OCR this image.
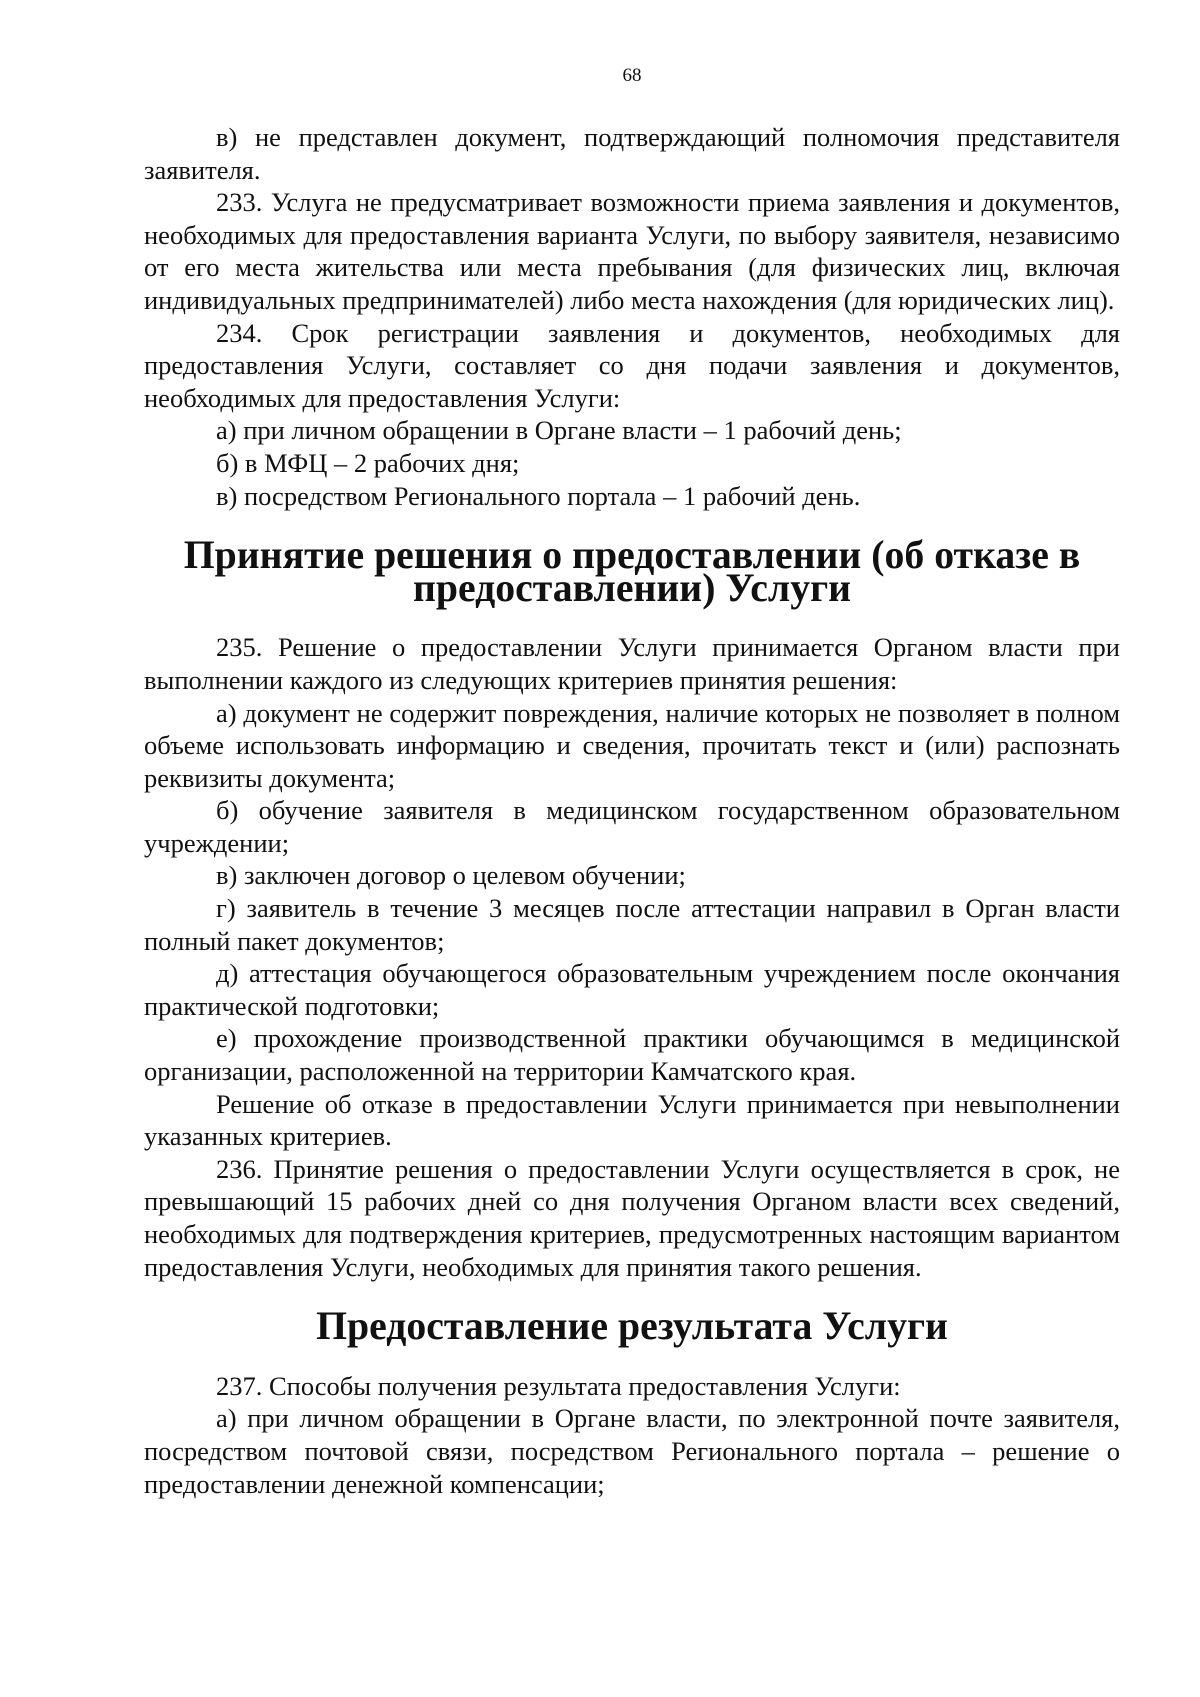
68

в) не представлен документ, подтверждающий полномочия представителя заявителя.

233. Услуга не предусматривает возможности приема заявления и документов, необходимых для предоставления варианта Услуги, по выбору заявителя, независимо от его места жительства или места пребывания (для физических лиц, включая индивидуальных предпринимателей) либо места нахождения (для юридических лиц).

234. Срок регистрации заявления и документов, необходимых для предоставления Услуги, составляет со дня подачи заявления и документов, необходимых для предоставления Услуги:

а) при личном обращении в Органе власти – 1 рабочий день;

б) в МФЦ – 2 рабочих дня;

в) посредством Регионального портала – 1 рабочий день.

Принятие решения о предоставлении (об отказе в предоставлении) Услуги

235. Решение о предоставлении Услуги принимается Органом власти при выполнении каждого из следующих критериев принятия решения:

а) документ не содержит повреждения, наличие которых не позволяет в полном объеме использовать информацию и сведения, прочитать текст и (или) распознать реквизиты документа;

б) обучение заявителя в медицинском государственном образовательном учреждении;

в) заключен договор о целевом обучении;

г) заявитель в течение 3 месяцев после аттестации направил в Орган власти полный пакет документов;

д) аттестация обучающегося образовательным учреждением после окончания практической подготовки;

е) прохождение производственной практики обучающимся в медицинской организации, расположенной на территории Камчатского края.

Решение об отказе в предоставлении Услуги принимается при невыполнении указанных критериев.

236. Принятие решения о предоставлении Услуги осуществляется в срок, не превышающий 15 рабочих дней со дня получения Органом власти всех сведений, необходимых для подтверждения критериев, предусмотренных настоящим вариантом предоставления Услуги, необходимых для принятия такого решения.

Предоставление результата Услуги

237. Способы получения результата предоставления Услуги:

а) при личном обращении в Органе власти, по электронной почте заявителя, посредством почтовой связи, посредством Регионального портала – решение о предоставлении денежной компенсации;
